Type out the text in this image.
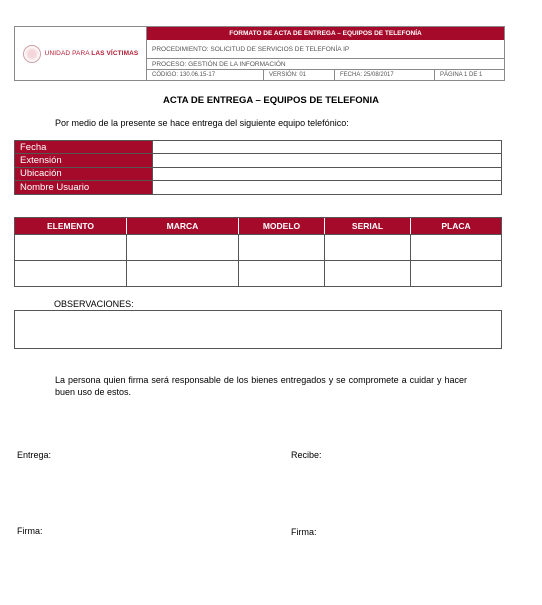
UNIDAD PARA LAS VÍCTIMAS
FORMATO DE ACTA DE ENTREGA – EQUIPOS DE TELEFONÍA
PROCEDIMIENTO: SOLICITUD DE SERVICIOS DE TELEFONÍA IP
PROCESO: GESTIÓN DE LA INFORMACIÓN
CÓDIGO: 130.06.15-17	VERSIÓN: 01	FECHA: 25/08/2017	PÁGINA 1 DE 1
ACTA DE ENTREGA – EQUIPOS DE TELEFONIA
Por medio de la presente se hace entrega del siguiente equipo telefónico:
Fecha
Extensión
Ubicación
Nombre Usuario
ELEMENTO	MARCA	MODELO	SERIAL	PLACA
OBSERVACIONES:
La persona quien firma será responsable de los bienes entregados y se compromete a cuidar y hacer buen uso de estos.
Entrega:	Recibe:
Firma:	Firma:
